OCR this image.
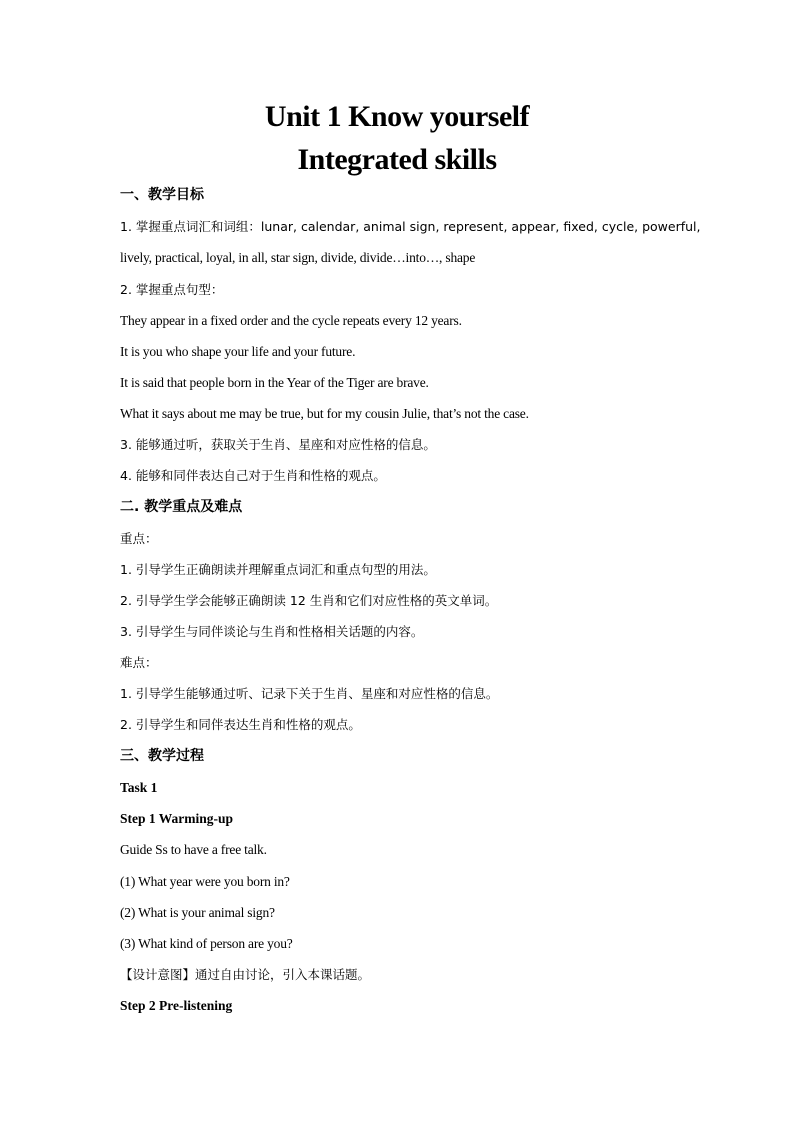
Unit 1 Know yourself
Integrated skills
一、教学目标
1. 掌握重点词汇和词组：lunar, calendar, animal sign, represent, appear, fixed, cycle, powerful,
lively, practical, loyal, in all, star sign, divide, divide…into…, shape
2. 掌握重点句型：
They appear in a fixed order and the cycle repeats every 12 years.
It is you who shape your life and your future.
It is said that people born in the Year of the Tiger are brave.
What it says about me may be true, but for my cousin Julie, that’s not the case.
3. 能够通过听，获取关于生肖、星座和对应性格的信息。
4. 能够和同伴表达自己对于生肖和性格的观点。
二. 教学重点及难点
重点：
1. 引导学生正确朗读并理解重点词汇和重点句型的用法。
2. 引导学生学会能够正确朗读 12 生肖和它们对应性格的英文单词。
3. 引导学生与同伴谈论与生肖和性格相关话题的内容。
难点：
1. 引导学生能够通过听、记录下关于生肖、星座和对应性格的信息。
2. 引导学生和同伴表达生肖和性格的观点。
三、教学过程
Task 1
Step 1 Warming-up
Guide Ss to have a free talk.
(1) What year were you born in?
(2) What is your animal sign?
(3) What kind of person are you?
【设计意图】通过自由讨论，引入本课话题。
Step 2 Pre-listening
